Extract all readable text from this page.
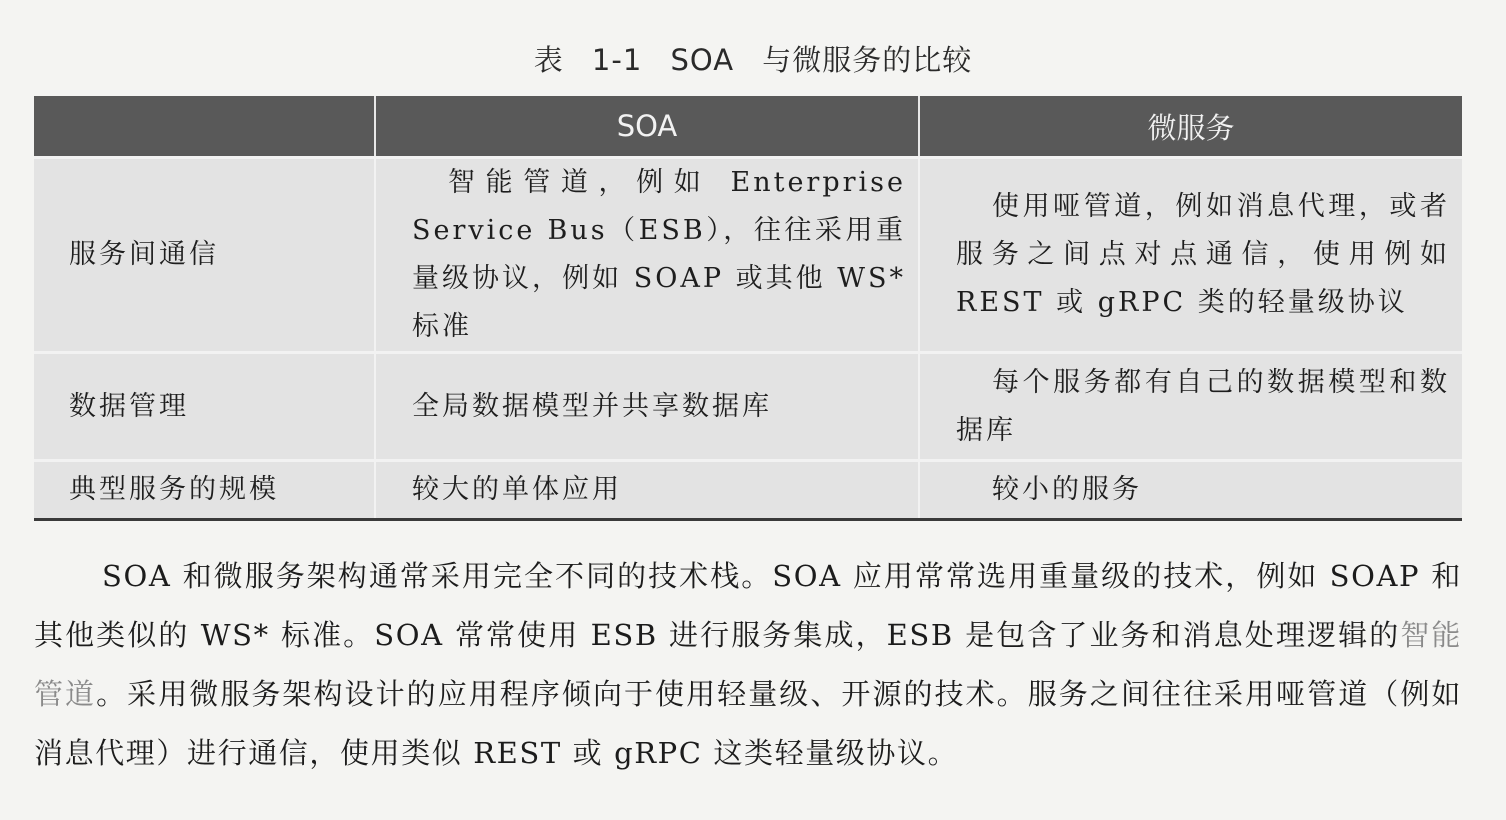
表 1-1 SOA 与微服务的比较
	SOA	微服务
服务间通信	智能管道，例如 Enterprise Service Bus（ESB），往往采用重量级协议，例如 SOAP 或其他 WS* 标准	使用哑管道，例如消息代理，或者服务之间点对点通信，使用例如 REST 或 gRPC 类的轻量级协议
数据管理	全局数据模型并共享数据库	每个服务都有自己的数据模型和数据库
典型服务的规模	较大的单体应用	较小的服务

SOA 和微服务架构通常采用完全不同的技术栈。SOA 应用常常选用重量级的技术，例如 SOAP 和其他类似的 WS* 标准。SOA 常常使用 ESB 进行服务集成，ESB 是包含了业务和消息处理逻辑的智能管道。采用微服务架构设计的应用程序倾向于使用轻量级、开源的技术。服务之间往往采用哑管道（例如消息代理）进行通信，使用类似 REST 或 gRPC 这类轻量级协议。
